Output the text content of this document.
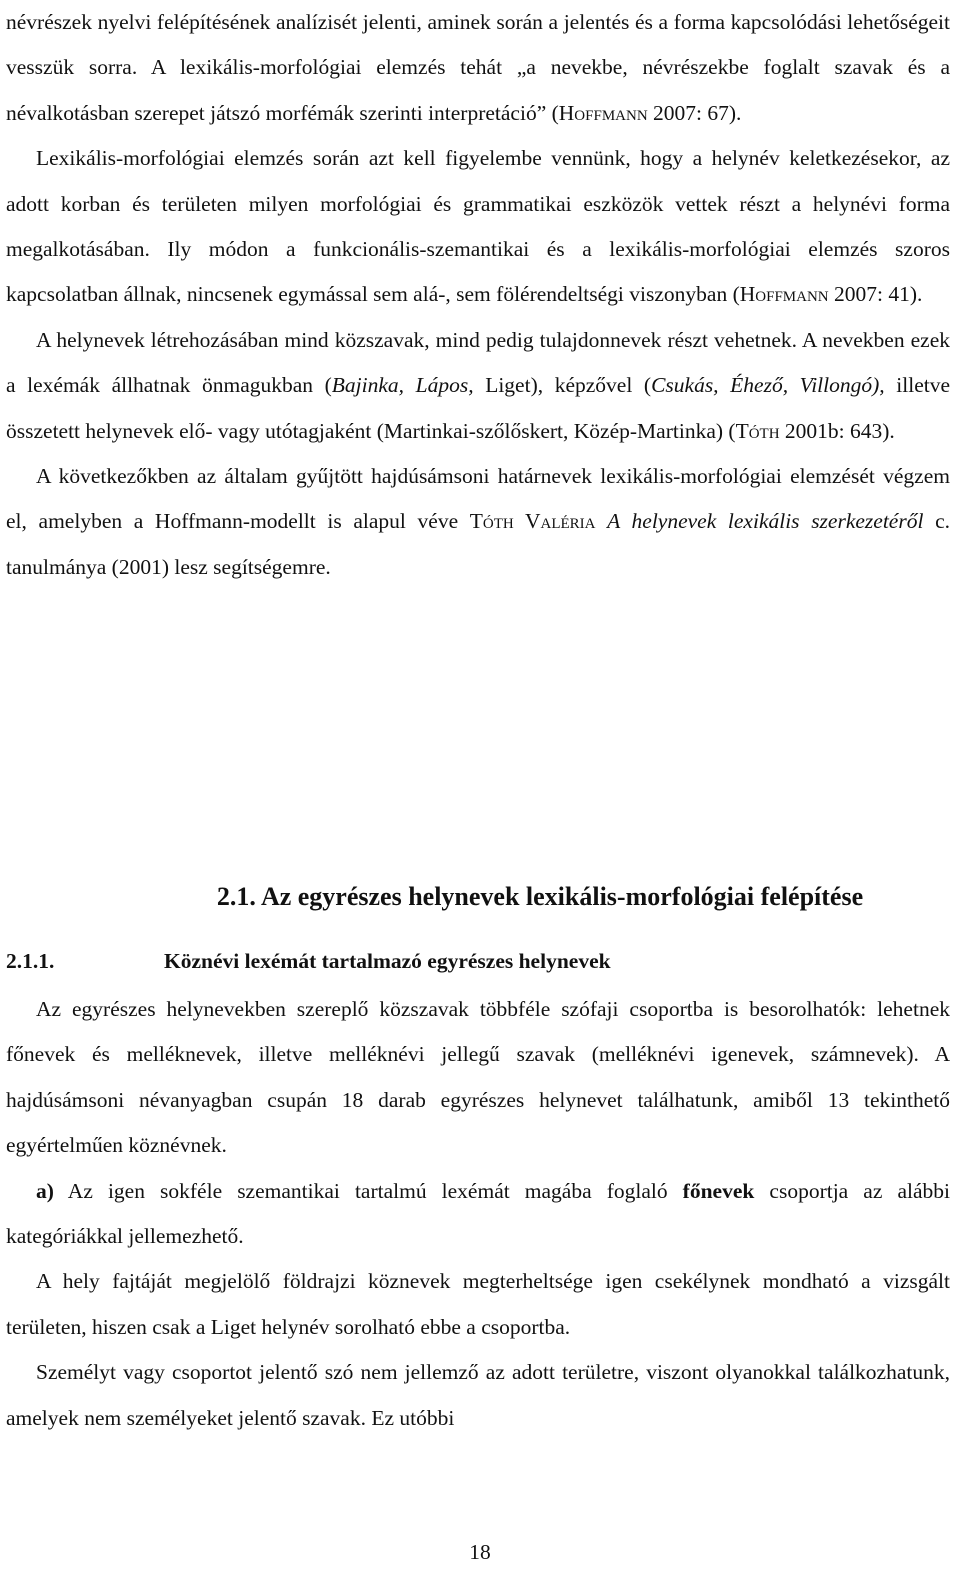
névrészek nyelvi felépítésének analízisét jelenti, aminek során a jelentés és a forma kapcsolódási lehetőségeit vesszük sorra. A lexikális-morfológiai elemzés tehát „a nevekbe, névrészekbe foglalt szavak és a névalkotásban szerepet játszó morfémák szerinti interpretáció” (Hoffmann 2007: 67).

Lexikális-morfológiai elemzés során azt kell figyelembe vennünk, hogy a helynév keletkezésekor, az adott korban és területen milyen morfológiai és grammatikai eszközök vettek részt a helynévi forma megalkotásában. Ily módon a funkcionális-szemantikai és a lexikális-morfológiai elemzés szoros kapcsolatban állnak, nincsenek egymással sem alá-, sem fölérendeltségi viszonyban (Hoffmann 2007: 41).

A helynevek létrehozásában mind közszavak, mind pedig tulajdonnevek részt vehetnek. A nevekben ezek a lexémák állhatnak önmagukban (Bajinka, Lápos, Liget), képzővel (Csukás, Éhező, Villongó), illetve összetett helynevek elő- vagy utótagjaként (Martinkai-szőlőskert, Közép-Martinka) (Tóth 2001b: 643).

A következőkben az általam gyűjtött hajdúsámsoni határnevek lexikális-morfológiai elemzését végzem el, amelyben a Hoffmann-modellt is alapul véve Tóth Valéria A helynevek lexikális szerkezetéről c. tanulmánya (2001) lesz segítségemre.

2.1. Az egyrészes helynevek lexikális-morfológiai felépítése
2.1.1.	Köznévi lexémát tartalmazó egyrészes helynevek

Az egyrészes helynevekben szereplő közszavak többféle szófaji csoportba is besorolhatók: lehetnek főnevek és melléknevek, illetve melléknévi jellegű szavak (melléknévi igenevek, számnevek). A hajdúsámsoni névanyagban csupán 18 darab egyrészes helynevet találhatunk, amiből 13 tekinthető egyértelműen köznévnek.

a) Az igen sokféle szemantikai tartalmú lexémát magába foglaló főnevek csoportja az alábbi kategóriákkal jellemezhető.

A hely fajtáját megjelölő földrajzi köznevek megterheltsége igen csekélynek mondható a vizsgált területen, hiszen csak a Liget helynév sorolható ebbe a csoportba.

Személyt vagy csoportot jelentő szó nem jellemző az adott területre, viszont olyanokkal találkozhatunk, amelyek nem személyeket jelentő szavak. Ez utóbbi

18
